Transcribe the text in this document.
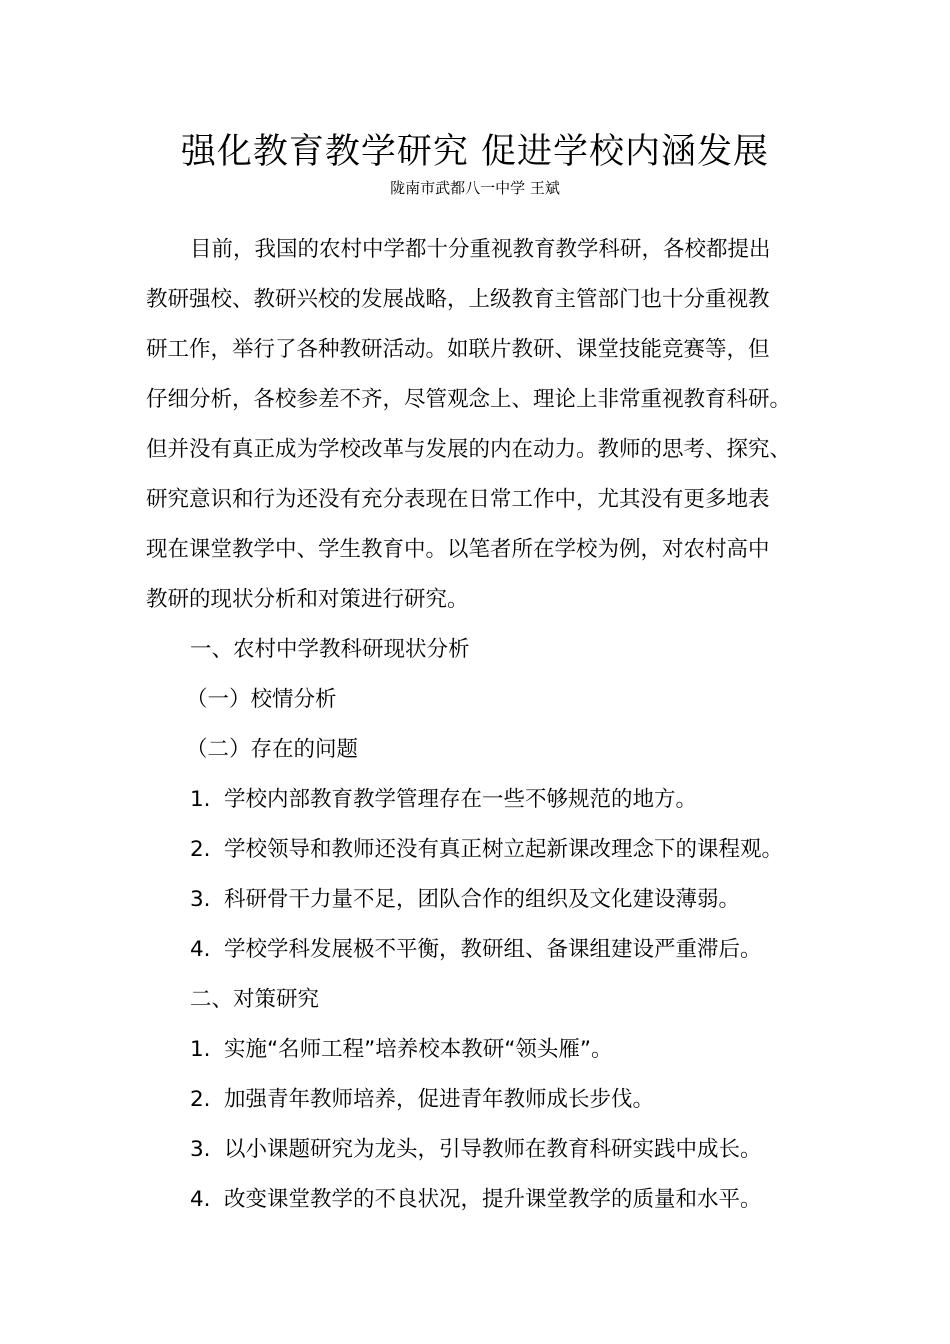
强化教育教学研究 促进学校内涵发展
陇南市武都八一中学 王斌
目前，我国的农村中学都十分重视教育教学科研，各校都提出
教研强校、教研兴校的发展战略，上级教育主管部门也十分重视教
研工作，举行了各种教研活动。如联片教研、课堂技能竞赛等，但
仔细分析，各校参差不齐，尽管观念上、理论上非常重视教育科研。
但并没有真正成为学校改革与发展的内在动力。教师的思考、探究、
研究意识和行为还没有充分表现在日常工作中，尤其没有更多地表
现在课堂教学中、学生教育中。以笔者所在学校为例，对农村高中
教研的现状分析和对策进行研究。
一、农村中学教科研现状分析
（一）校情分析
（二）存在的问题
1. 学校内部教育教学管理存在一些不够规范的地方。
2. 学校领导和教师还没有真正树立起新课改理念下的课程观。
3. 科研骨干力量不足，团队合作的组织及文化建设薄弱。
4. 学校学科发展极不平衡，教研组、备课组建设严重滞后。
二、对策研究
1. 实施“名师工程”培养校本教研“领头雁”。
2. 加强青年教师培养，促进青年教师成长步伐。
3. 以小课题研究为龙头，引导教师在教育科研实践中成长。
4. 改变课堂教学的不良状况，提升课堂教学的质量和水平。
